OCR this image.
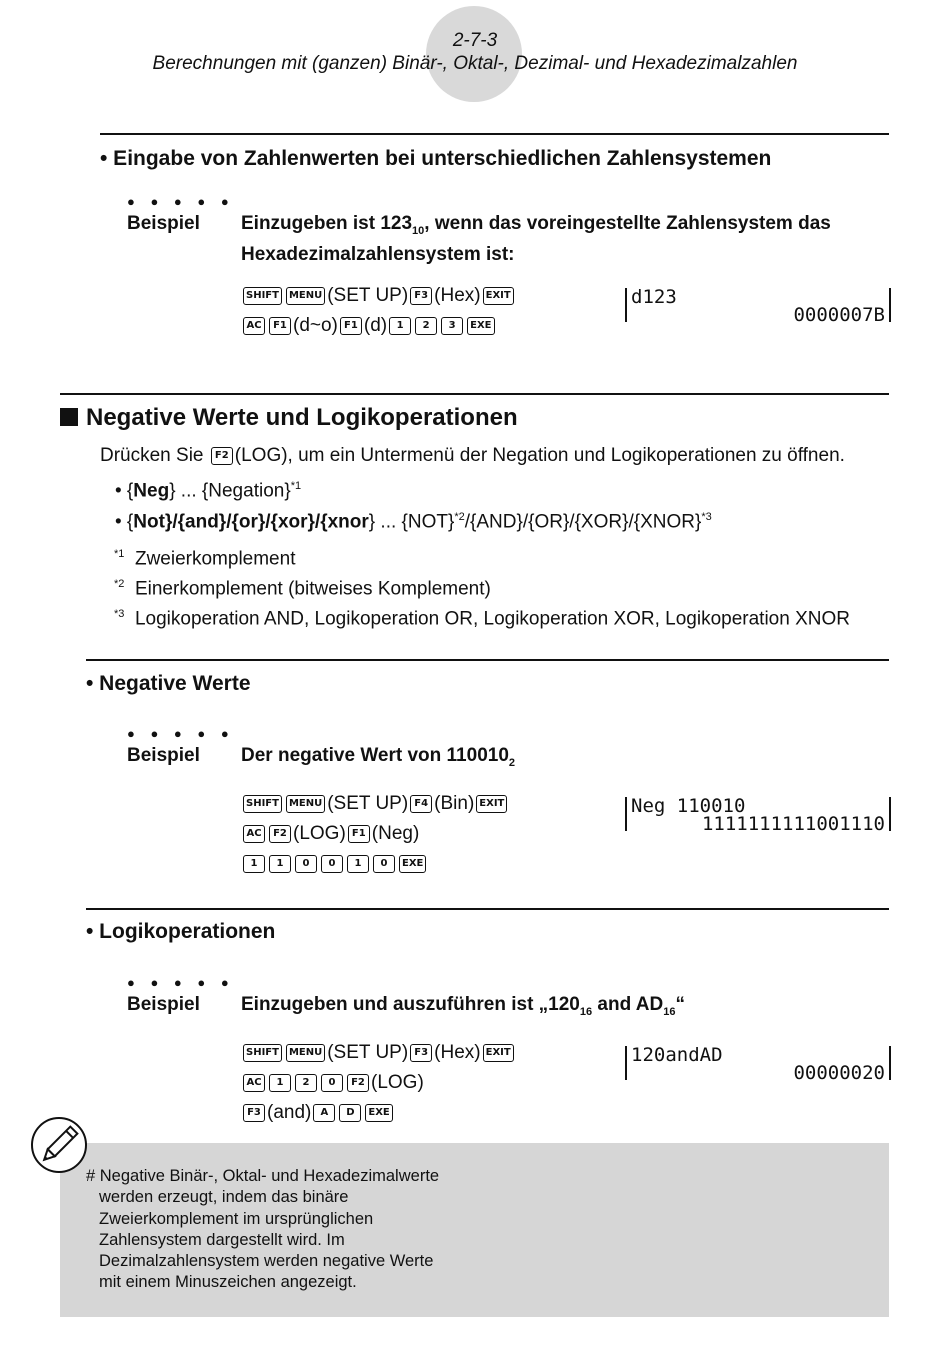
2-7-3
Berechnungen mit (ganzen) Binär-, Oktal-, Dezimal- und Hexadezimalzahlen
• Eingabe von Zahlenwerten bei unterschiedlichen Zahlensystemen
● ● ● ● ●
Beispiel Einzugeben ist $123_{10}$, wenn das voreingestellte Zahlensystem das
Hexadezimalzahlensystem ist:
SHIFT MENU (SET UP) F3 (Hex) EXIT
AC F1 (d~o) F1 (d) 1 2 3 EXE
d123
0000007B
Negative Werte und Logikoperationen
Drücken Sie F2 (LOG), um ein Untermenü der Negation und Logikoperationen zu öffnen.
• {Neg} ... {Negation}$^{*1}$
• {Not}/{and}/{or}/{xor}/{xnor} ... {NOT}$^{*2}$/{AND}/{OR}/{XOR}/{XNOR}$^{*3}$
$^{*1}$ Zweierkomplement
$^{*2}$ Einerkomplement (bitweises Komplement)
$^{*3}$ Logikoperation AND, Logikoperation OR, Logikoperation XOR, Logikoperation XNOR
• Negative Werte
● ● ● ● ●
Beispiel Der negative Wert von $110010_2$
SHIFT MENU (SET UP) F4 (Bin) EXIT
AC F2 (LOG) F1 (Neg)
1 1 0 0 1 0 EXE
Neg 110010
1111111111001110
• Logikoperationen
● ● ● ● ●
Beispiel Einzugeben und auszuführen ist $„120_{16}$ and $AD_{16}“$
SHIFT MENU (SET UP) F3 (Hex) EXIT
AC 1 2 0 F2 (LOG)
F3 (and) A D EXE
120andAD
00000020
# Negative Binär-, Oktal- und Hexadezimalwerte
werden erzeugt, indem das binäre
Zweierkomplement im ursprünglichen
Zahlensystem dargestellt wird. Im
Dezimalzahlensystem werden negative Werte
mit einem Minuszeichen angezeigt.
